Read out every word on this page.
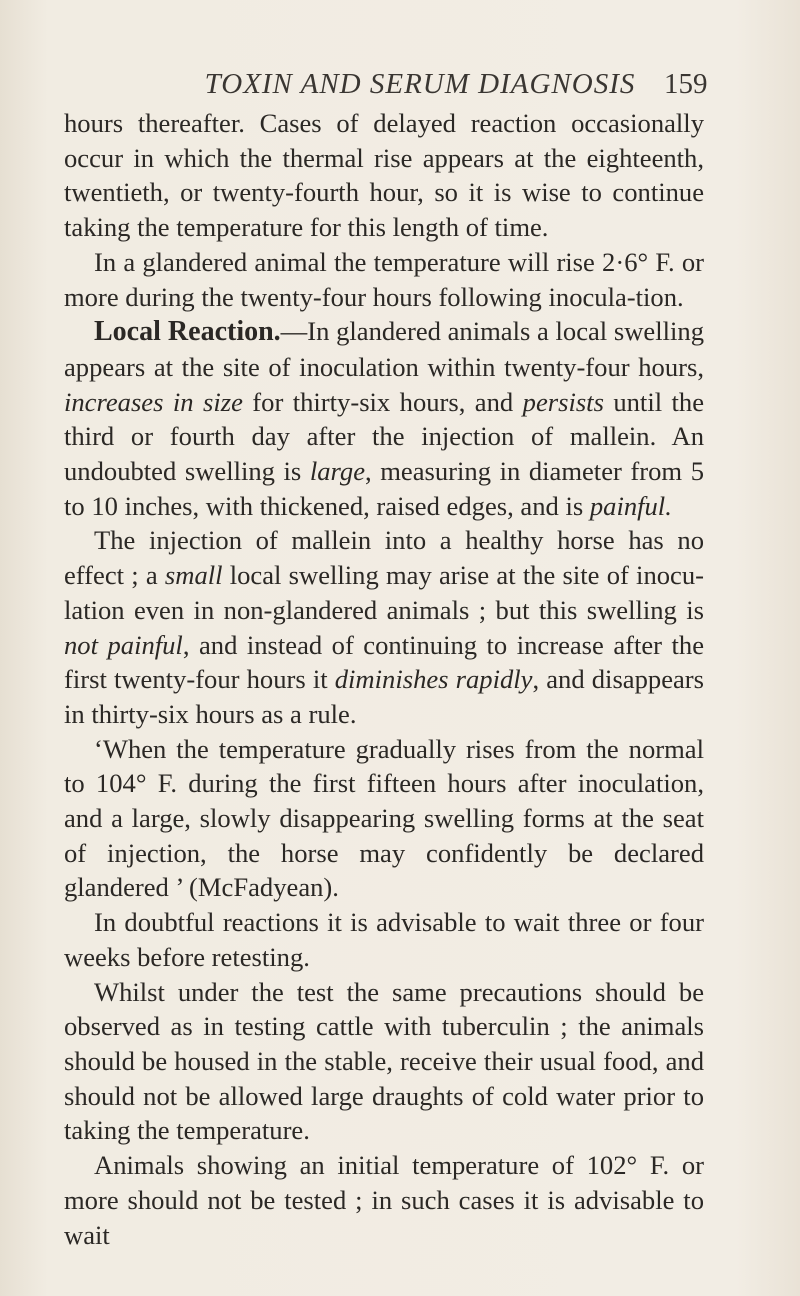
TOXIN AND SERUM DIAGNOSIS 159

hours thereafter. Cases of delayed reaction occasionally occur in which the thermal rise appears at the eighteenth, twentieth, or twenty-fourth hour, so it is wise to continue taking the temperature for this length of time.

In a glandered animal the temperature will rise 2·6° F. or more during the twenty-four hours following inocula-tion.

Local Reaction.—In glandered animals a local swelling appears at the site of inoculation within twenty-four hours, increases in size for thirty-six hours, and persists until the third or fourth day after the injection of mallein. An undoubted swelling is large, measuring in diameter from 5 to 10 inches, with thickened, raised edges, and is painful.

The injection of mallein into a healthy horse has no effect ; a small local swelling may arise at the site of inocu-lation even in non-glandered animals ; but this swelling is not painful, and instead of continuing to increase after the first twenty-four hours it diminishes rapidly, and disappears in thirty-six hours as a rule.

‘When the temperature gradually rises from the normal to 104° F. during the first fifteen hours after inoculation, and a large, slowly disappearing swelling forms at the seat of injection, the horse may confidently be declared glandered ’ (McFadyean).

In doubtful reactions it is advisable to wait three or four weeks before retesting.

Whilst under the test the same precautions should be observed as in testing cattle with tuberculin ; the animals should be housed in the stable, receive their usual food, and should not be allowed large draughts of cold water prior to taking the temperature.

Animals showing an initial temperature of 102° F. or more should not be tested ; in such cases it is advisable to wait
